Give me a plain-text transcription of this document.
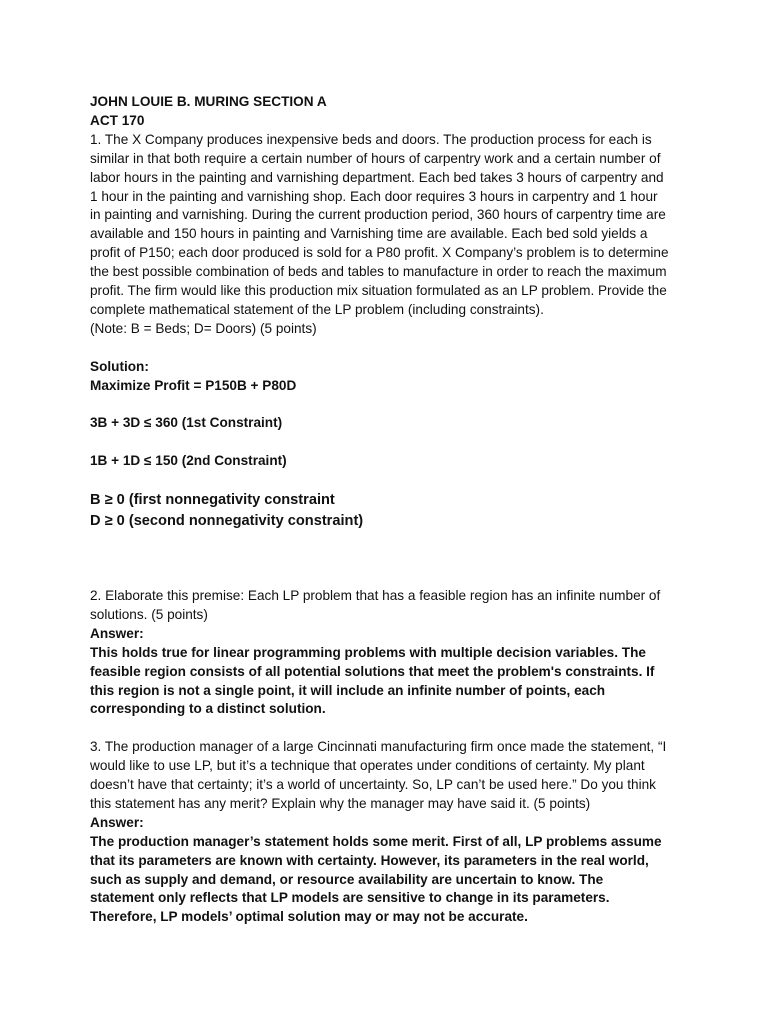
JOHN LOUIE B. MURING SECTION A
ACT 170
1. The X Company produces inexpensive beds and doors. The production process for each is
similar in that both require a certain number of hours of carpentry work and a certain number of
labor hours in the painting and varnishing department. Each bed takes 3 hours of carpentry and
1 hour in the painting and varnishing shop. Each door requires 3 hours in carpentry and 1 hour
in painting and varnishing. During the current production period, 360 hours of carpentry time are
available and 150 hours in painting and Varnishing time are available. Each bed sold yields a
profit of P150; each door produced is sold for a P80 profit. X Company’s problem is to determine
the best possible combination of beds and tables to manufacture in order to reach the maximum
profit. The firm would like this production mix situation formulated as an LP problem. Provide the
complete mathematical statement of the LP problem (including constraints).
(Note: B = Beds; D= Doors) (5 points)
Solution:
Maximize Profit = P150B + P80D
3B + 3D ≤ 360 (1st Constraint)
1B + 1D ≤ 150 (2nd Constraint)
B ≥ 0 (first nonnegativity constraint
D ≥ 0 (second nonnegativity constraint)
2. Elaborate this premise: Each LP problem that has a feasible region has an infinite number of
solutions. (5 points)
Answer:
This holds true for linear programming problems with multiple decision variables. The
feasible region consists of all potential solutions that meet the problem's constraints. If
this region is not a single point, it will include an infinite number of points, each
corresponding to a distinct solution.
3. The production manager of a large Cincinnati manufacturing firm once made the statement, “I
would like to use LP, but it’s a technique that operates under conditions of certainty. My plant
doesn’t have that certainty; it’s a world of uncertainty. So, LP can’t be used here.” Do you think
this statement has any merit? Explain why the manager may have said it. (5 points)
Answer:
The production manager’s statement holds some merit. First of all, LP problems assume
that its parameters are known with certainty. However, its parameters in the real world,
such as supply and demand, or resource availability are uncertain to know. The
statement only reflects that LP models are sensitive to change in its parameters.
Therefore, LP models’ optimal solution may or may not be accurate.
